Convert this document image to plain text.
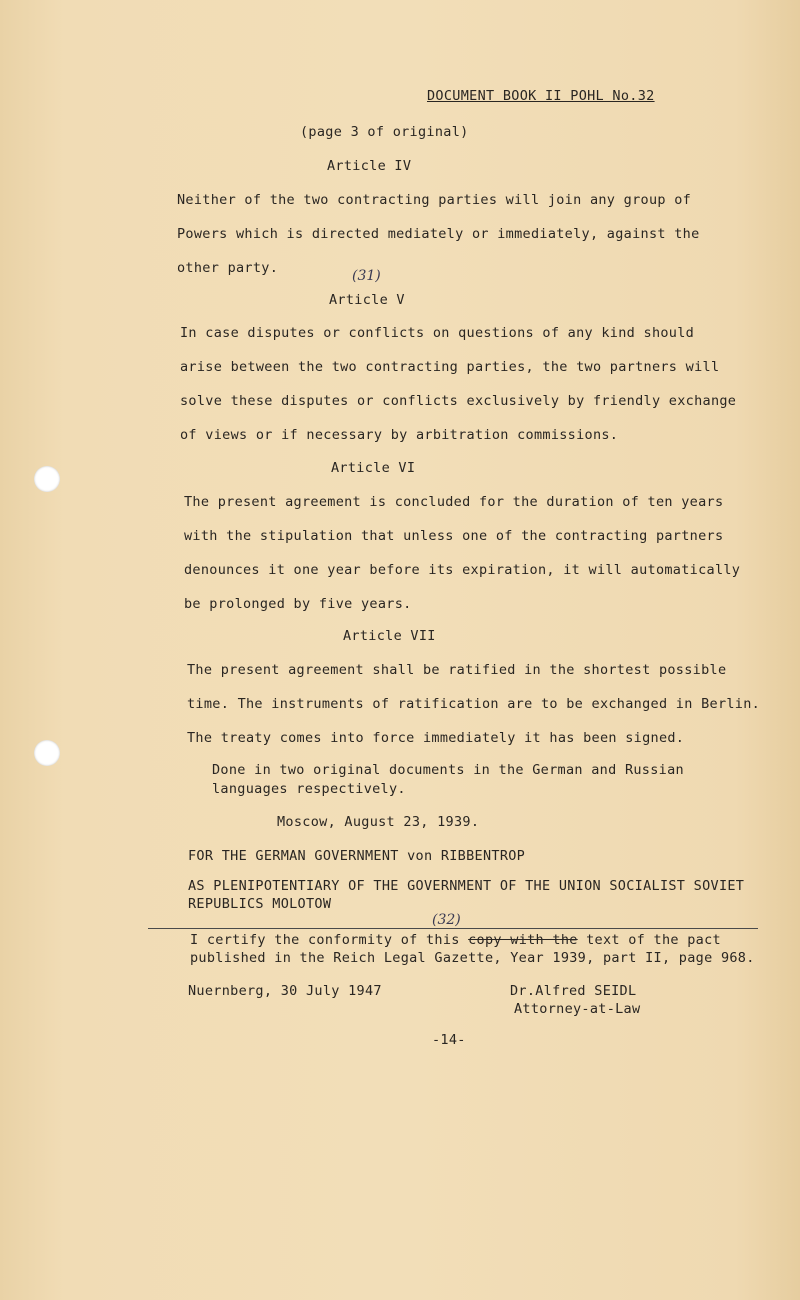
DOCUMENT BOOK II POHL No.32
(page 3 of original)
Article IV
Neither of the two contracting parties will join any group of
Powers which is directed mediately or immediately, against the
other party.	(31)
Article V
In case disputes or conflicts on questions of any kind should
arise between the two contracting parties, the two partners will
solve these disputes or conflicts exclusively by friendly exchange
of views or if necessary by arbitration commissions.
Article VI
The present agreement is concluded for the duration of ten years
with the stipulation that unless one of the contracting partners
denounces it one year before its expiration, it will automatically
be prolonged by five years.
Article VII
The present agreement shall be ratified in the shortest possible
time. The instruments of ratification are to be exchanged in Berlin.
The treaty comes into force immediately it has been signed.
Done in two original documents in the German and Russian
languages respectively.
Moscow, August 23, 1939.
FOR THE GERMAN GOVERNMENT von RIBBENTROP
AS PLENIPOTENTIARY OF THE GOVERNMENT OF THE UNION SOCIALIST SOVIET
REPUBLICS MOLOTOW
(32)
I certify the conformity of this copy with the text of the pact
published in the Reich Legal Gazette, Year 1939, part II, page 968.
Nuernberg, 30 July 1947	Dr.Alfred SEIDL
Attorney-at-Law
-14-
